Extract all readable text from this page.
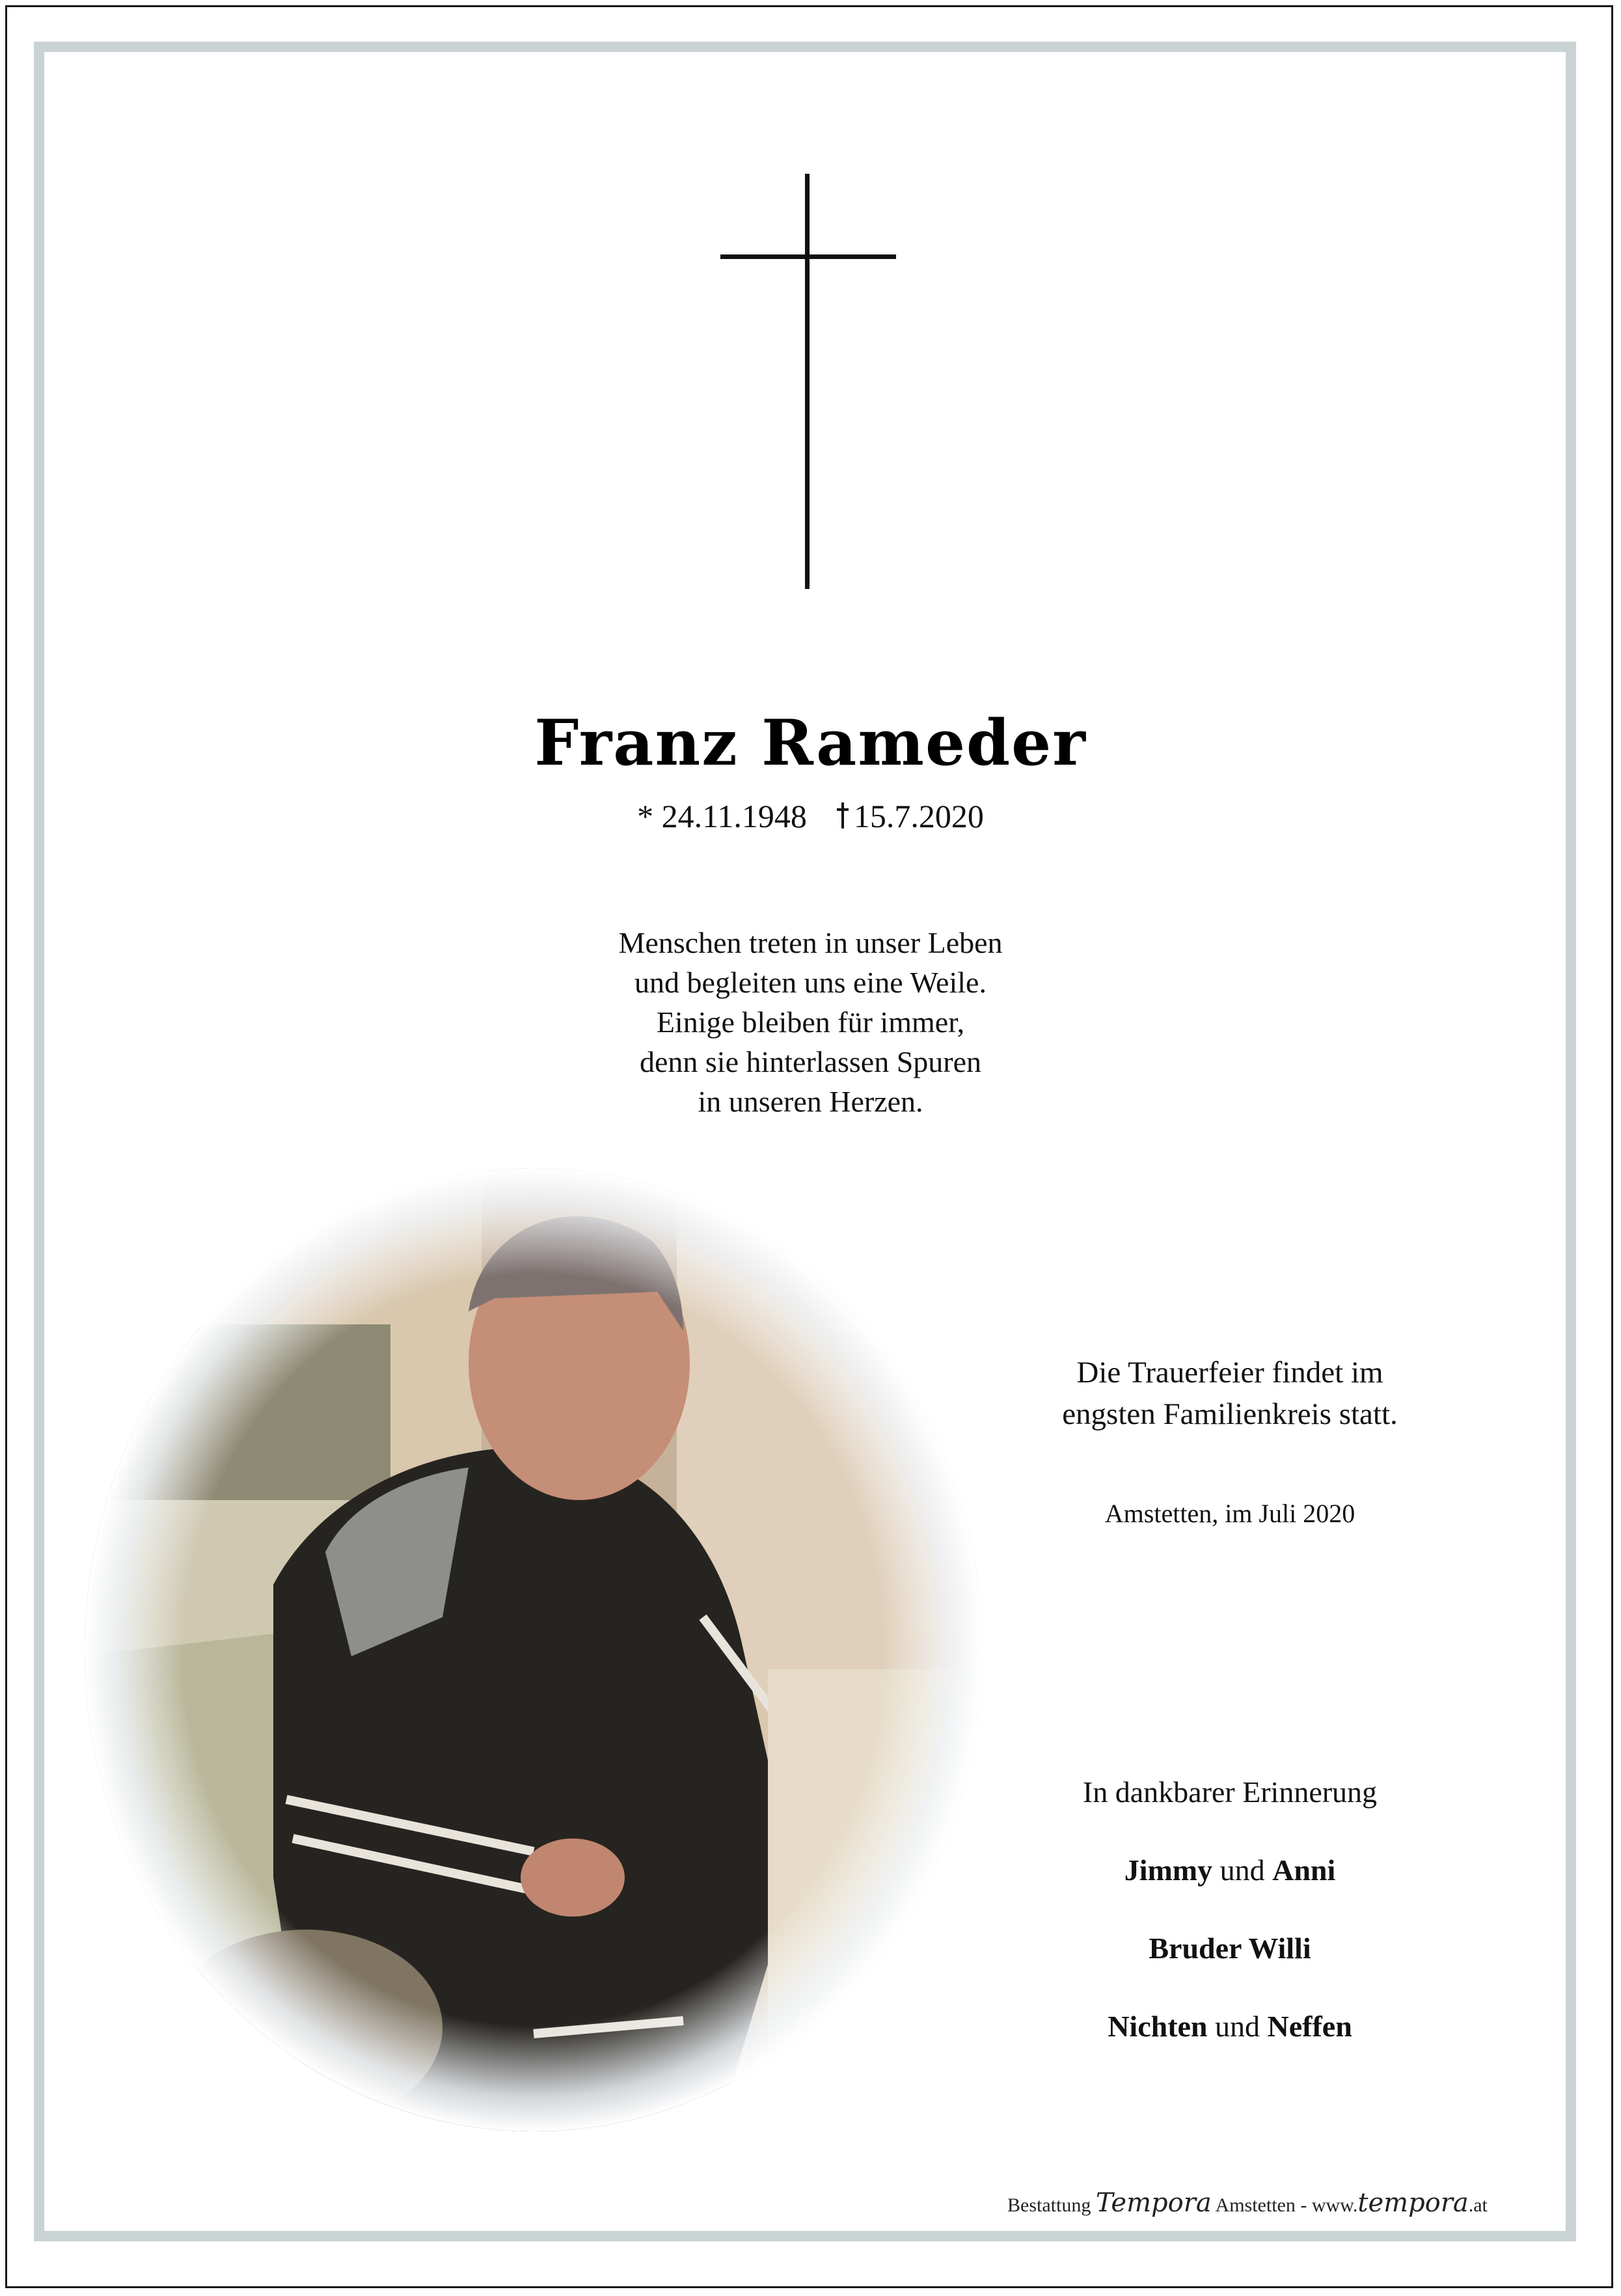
Franz Rameder
* 24.11.1948 15.7.2020
Menschen treten in unser Leben
und begleiten uns eine Weile.
Einige bleiben für immer,
denn sie hinterlassen Spuren
in unseren Herzen.
Die Trauerfeier findet im
engsten Familienkreis statt.
Amstetten, im Juli 2020
In dankbarer Erinnerung
Jimmy und Anni
Bruder Willi
Nichten und Neffen
Bestattung Tempora Amstetten - www.tempora.at
